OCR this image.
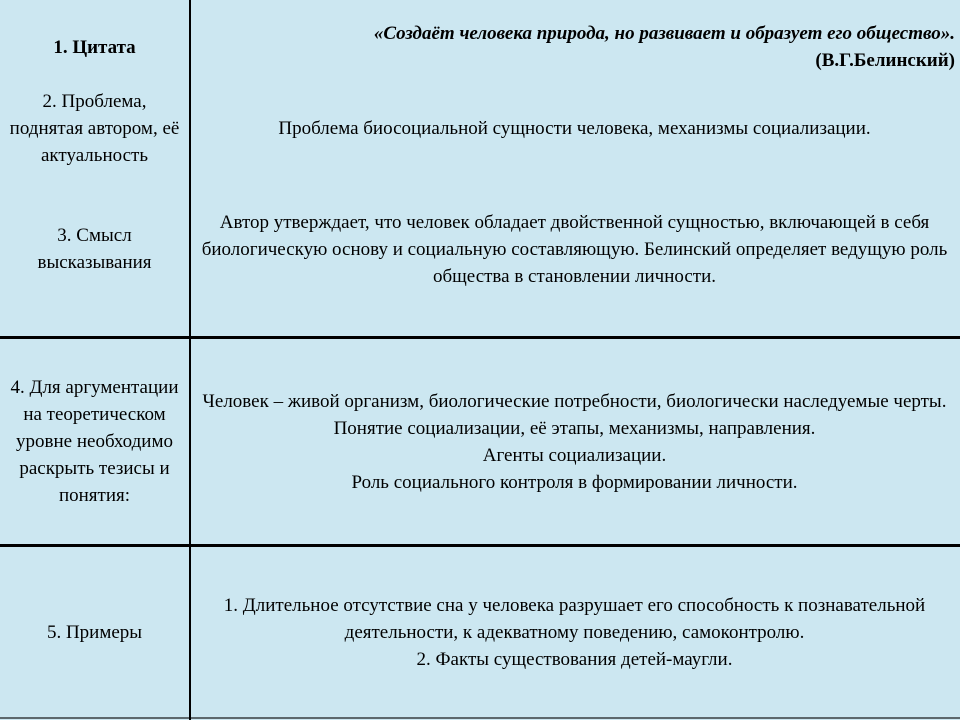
1. Цитата
«Создаёт человека природа, но развивает и образует его общество».
(В.Г.Белинский)
2. Проблема, поднятая автором, её актуальность
Проблема биосоциальной сущности человека, механизмы социализации.
3. Смысл высказывания
Автор утверждает, что человек обладает двойственной сущностью, включающей в себя биологическую основу и социальную составляющую. Белинский определяет ведущую роль общества в становлении личности.
4. Для аргументации на теоретическом уровне необходимо раскрыть тезисы и понятия:
Человек – живой организм, биологические потребности, биологически наследуемые черты.
Понятие социализации, её этапы, механизмы, направления.
Агенты социализации.
Роль социального контроля в формировании личности.
5. Примеры
1. Длительное отсутствие сна у человека разрушает его способность к познавательной деятельности, к адекватному поведению, самоконтролю.
2. Факты существования детей-маугли.
